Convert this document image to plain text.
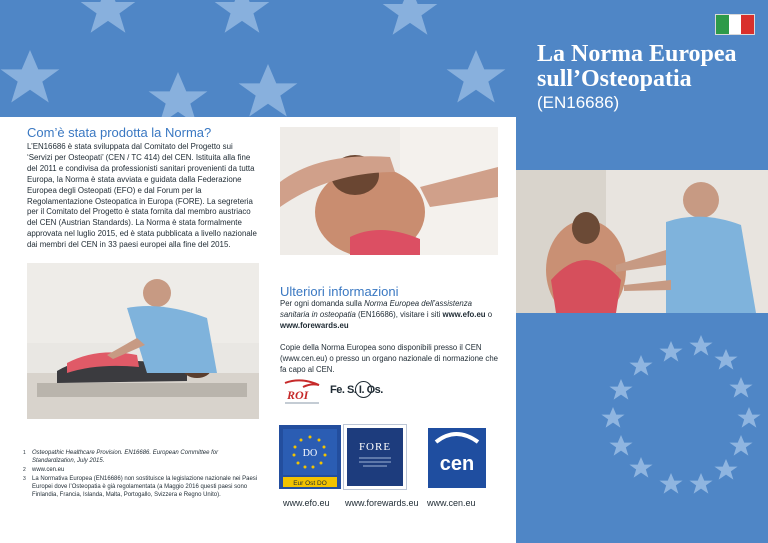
La Norma Europea
sull’Osteopatia
(EN16686)
Com’è stata prodotta la Norma?
L’EN16686 è stata sviluppata dal Comitato del Progetto sui ‘Servizi per Osteopati’ (CEN / TC 414) del CEN. Istituita alla fine del 2011 e condivisa da professionisti sanitari provenienti da tutta Europa, la Norma è stata avviata e guidata dalla Federazione Europea degli Osteopati (EFO) e dal Forum per la Regolamentazione Osteopatica in Europa (FORE). La segreteria per il Comitato del Progetto è stata fornita dal membro austriaco del CEN (Austrian Standards). La Norma è stata formalmente approvata nel luglio 2015, ed è stata pubblicata a livello nazionale dai membri del CEN in 33 paesi europei alla fine del 2015.
1	Osteopathic Healthcare Provision. EN16686. European Committee for Standardization, July 2015.
2	www.cen.eu
3	La Normativa Europea (EN16686) non sostituisce la legislazione nazionale nei Paesi Europei dove l’Osteopatia è già regolamentata (a Maggio 2016 questi paesi sono Finlandia, Francia, Islanda, Malta, Portogallo, Svizzera e Regno Unito).
Ulteriori informazioni
Per ogni domanda sulla Norma Europea dell’assistenza sanitaria in osteopatia (EN16686), visitare i siti www.efo.eu o www.forewards.eu
Copie della Norma Europea sono disponibili presso il CEN (www.cen.eu) o presso un organo nazionale di normazione che fa capo al CEN.
ROI Fe. S. I. Os.
DO
Eur Ost DO
FORE
cen
www.efo.eu www.forewards.eu www.cen.eu
